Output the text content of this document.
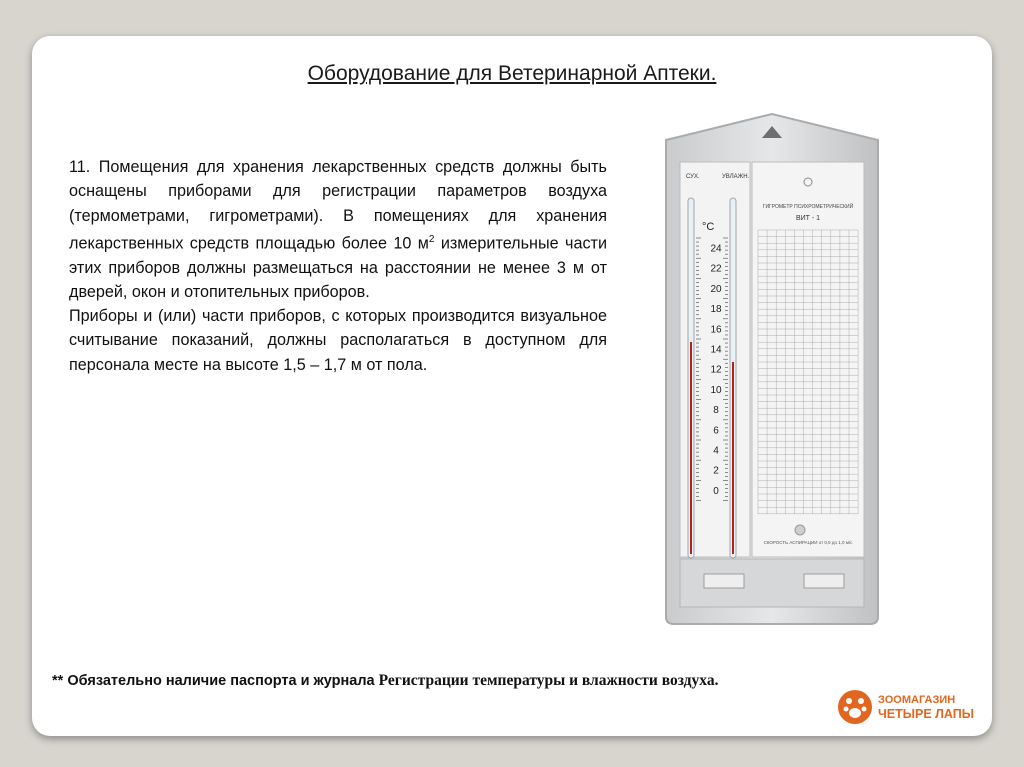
Оборудование для Ветеринарной Аптеки.

11. Помещения для хранения лекарственных средств должны быть оснащены приборами для регистрации параметров воздуха (термометрами, гигрометрами). В помещениях для хранения лекарственных средств площадью более 10 $м^2$ измерительные части этих приборов должны размещаться на расстоянии не менее 3 м от дверей, окон и отопительных приборов.

Приборы и (или) части приборов, с которых производится визуальное считывание показаний, должны располагаться в доступном для персонала месте на высоте 1,5 – 1,7 м от пола.

СУХ.	УВЛАЖН.
°C
24
22
20
18
16
14
12
10
8
6
4
2
0
ГИГРОМЕТР ПСИХРОМЕТРИЧЕСКИЙ
ВИТ - 1
СКОРОСТЬ АСПИРАЦИИ от 0,5 до 1,0 м/с
** Обязательно наличие паспорта и журнала Регистрации температуры и влажности воздуха.
ЗООМАГАЗИН
ЧЕТЫРЕ ЛАПЫ
